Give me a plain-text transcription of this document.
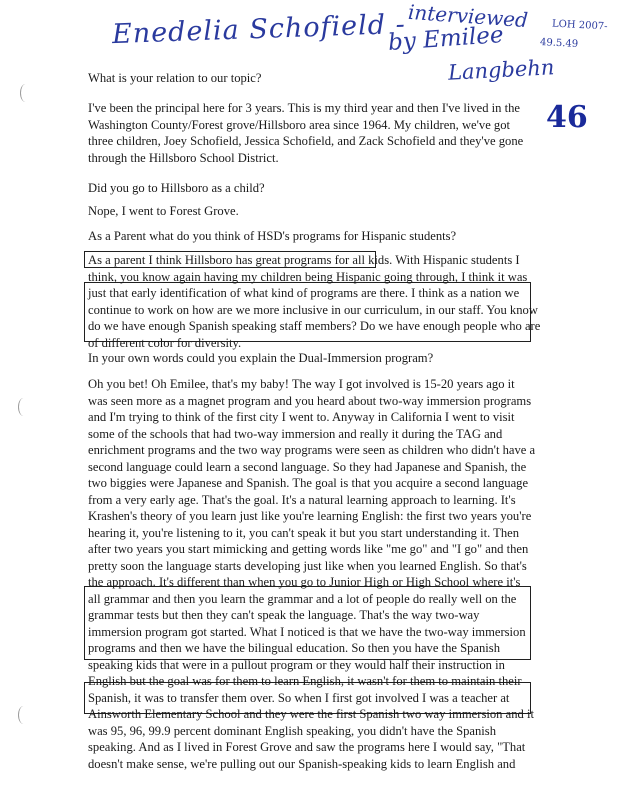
Enedelia Schofield - interviewed
by Emilee
Langbehn
LOH 2007-
49.5.49
46
What is your relation to our topic?
I've been the principal here for 3 years. This is my third year and then I've lived in the
Washington County/Forest grove/Hillsboro area since 1964. My children, we've got
three children, Joey Schofield, Jessica Schofield, and Zack Schofield and they've gone
through the Hillsboro School District.
Did you go to Hillsboro as a child?
Nope, I went to Forest Grove.
As a Parent what do you think of HSD's programs for Hispanic students?
As a parent I think Hillsboro has great programs for all kids. With Hispanic students I
think, you know again having my children being Hispanic going through, I think it was
just that early identification of what kind of programs are there. I think as a nation we
continue to work on how are we more inclusive in our curriculum, in our staff. You know
do we have enough Spanish speaking staff members? Do we have enough people who are
of different color for diversity.
In your own words could you explain the Dual-Immersion program?
Oh you bet! Oh Emilee, that's my baby! The way I got involved is 15-20 years ago it
was seen more as a magnet program and you heard about two-way immersion programs
and I'm trying to think of the first city I went to. Anyway in California I went to visit
some of the schools that had two-way immersion and really it during the TAG and
enrichment programs and the two way programs were seen as children who didn't have a
second language could learn a second language. So they had Japanese and Spanish, the
two biggies were Japanese and Spanish. The goal is that you acquire a second language
from a very early age. That's the goal. It's a natural learning approach to learning. It's
Krashen's theory of you learn just like you're learning English: the first two years you're
hearing it, you're listening to it, you can't speak it but you start understanding it. Then
after two years you start mimicking and getting words like "me go" and "I go" and then
pretty soon the language starts developing just like when you learned English. So that's
the approach. It's different than when you go to Junior High or High School where it's
all grammar and then you learn the grammar and a lot of people do really well on the
grammar tests but then they can't speak the language. That's the way two-way
immersion program got started. What I noticed is that we have the two-way immersion
programs and then we have the bilingual education. So then you have the Spanish
speaking kids that were in a pullout program or they would half their instruction in
English but the goal was for them to learn English, it wasn't for them to maintain their
Spanish, it was to transfer them over. So when I first got involved I was a teacher at
Ainsworth Elementary School and they were the first Spanish two way immersion and it
was 95, 96, 99.9 percent dominant English speaking, you didn't have the Spanish
speaking. And as I lived in Forest Grove and saw the programs here I would say, "That
doesn't make sense, we're pulling out our Spanish-speaking kids to learn English and
